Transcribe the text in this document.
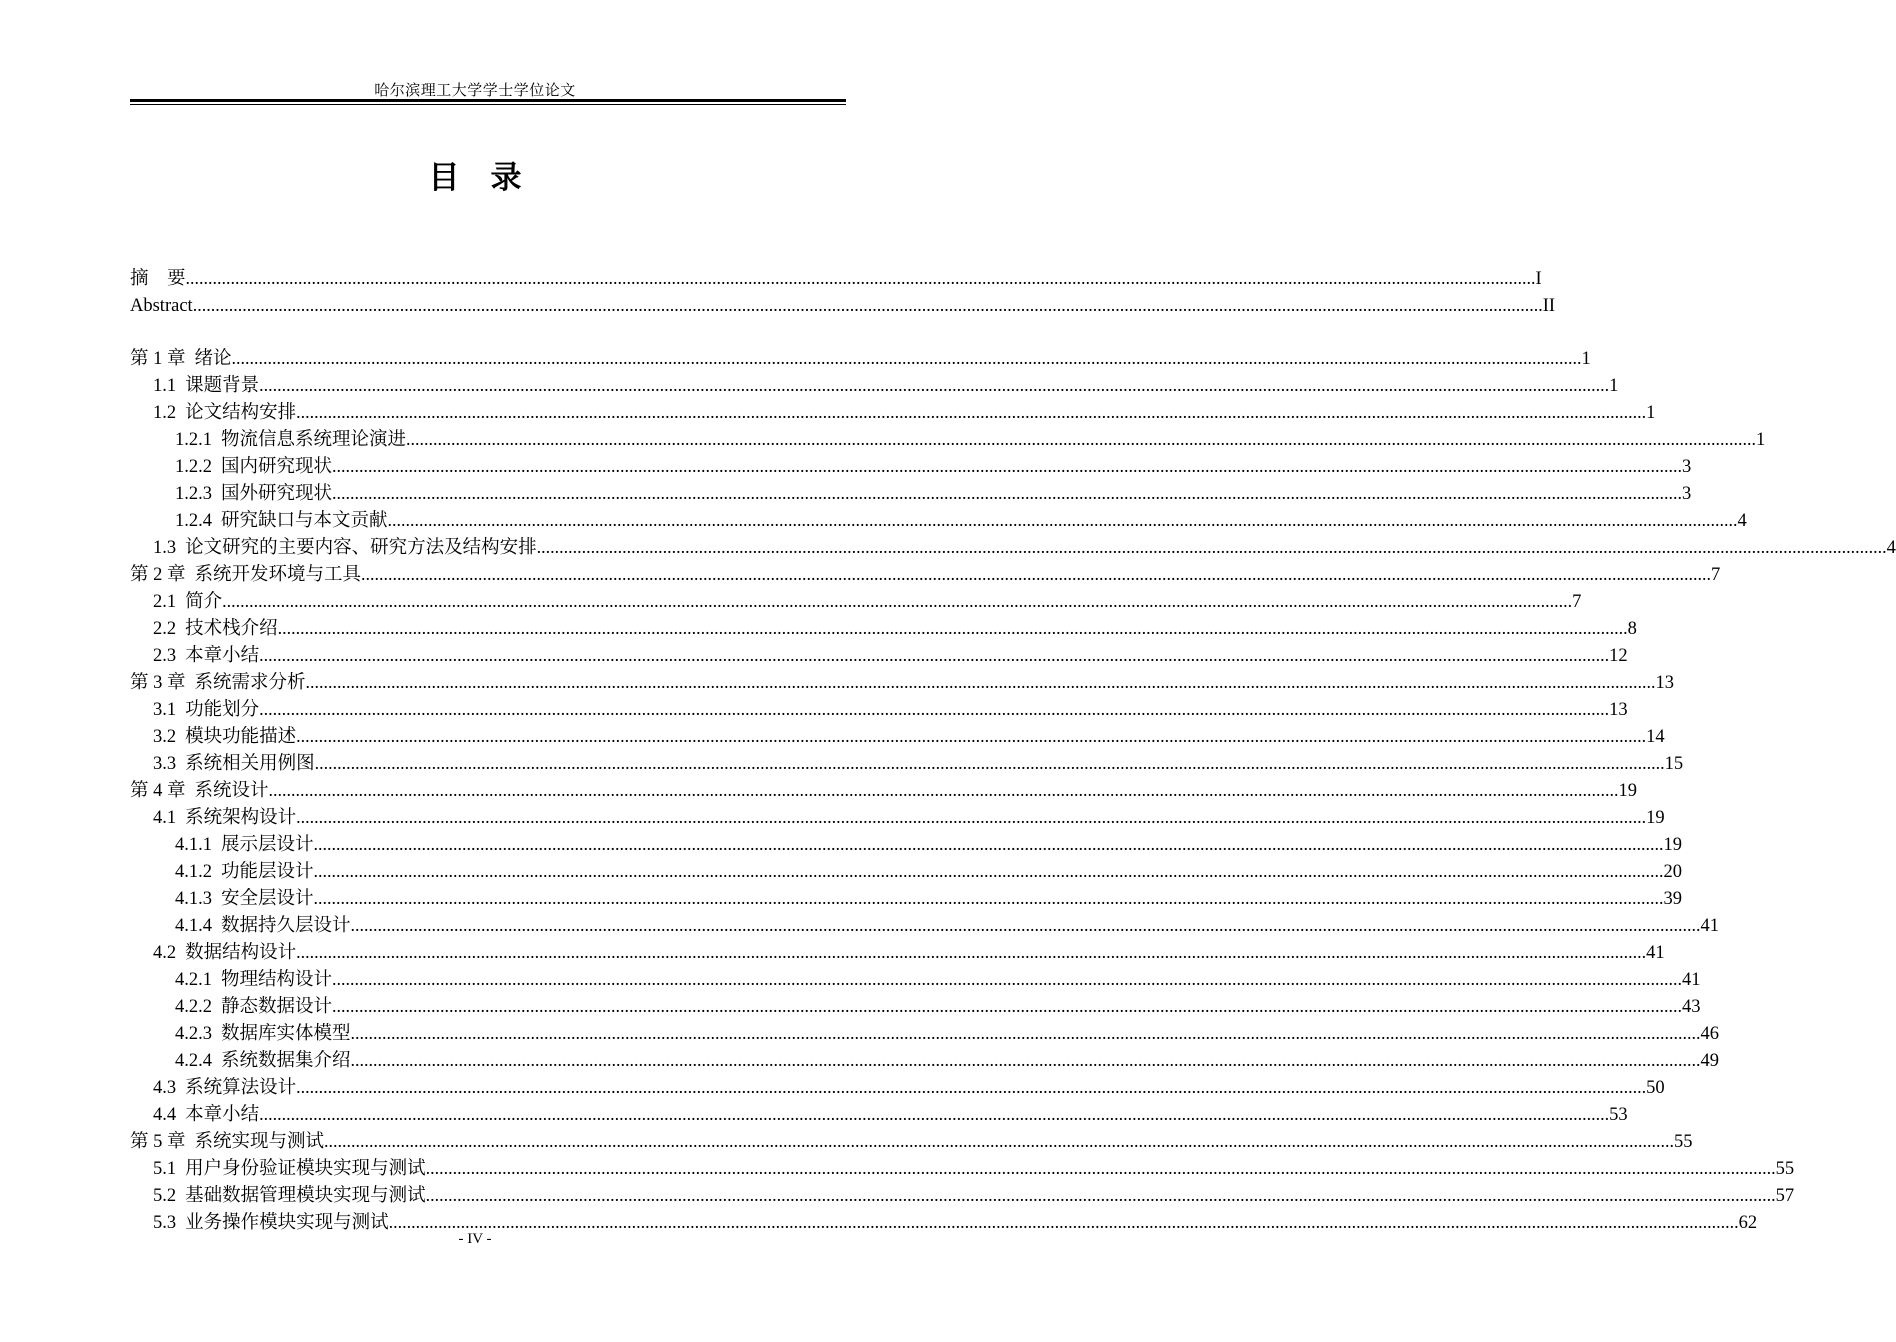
哈尔滨理工大学学士学位论文
目　录
摘　要 ............................................................................................................................................................................................................................................................................................................ I
Abstract ............................................................................................................................................................................................................................................................................................................ II
第 1 章 绪论 ............................................................................................................................................................................................................................................................................................................ 1
1.1 课题背景 ............................................................................................................................................................................................................................................................................................................ 1
1.2 论文结构安排 ............................................................................................................................................................................................................................................................................................................ 1
1.2.1 物流信息系统理论演进 ............................................................................................................................................................................................................................................................................................................ 1
1.2.2 国内研究现状 ............................................................................................................................................................................................................................................................................................................ 3
1.2.3 国外研究现状 ............................................................................................................................................................................................................................................................................................................ 3
1.2.4 研究缺口与本文贡献 ............................................................................................................................................................................................................................................................................................................ 4
1.3 论文研究的主要内容、研究方法及结构安排 ............................................................................................................................................................................................................................................................................................................ 4
第 2 章 系统开发环境与工具 ............................................................................................................................................................................................................................................................................................................ 7
2.1 简介 ............................................................................................................................................................................................................................................................................................................ 7
2.2 技术栈介绍 ............................................................................................................................................................................................................................................................................................................ 8
2.3 本章小结 ............................................................................................................................................................................................................................................................................................................ 12
第 3 章 系统需求分析 ............................................................................................................................................................................................................................................................................................................ 13
3.1 功能划分 ............................................................................................................................................................................................................................................................................................................ 13
3.2 模块功能描述 ............................................................................................................................................................................................................................................................................................................ 14
3.3 系统相关用例图 ............................................................................................................................................................................................................................................................................................................ 15
第 4 章 系统设计 ............................................................................................................................................................................................................................................................................................................ 19
4.1 系统架构设计 ............................................................................................................................................................................................................................................................................................................ 19
4.1.1 展示层设计 ............................................................................................................................................................................................................................................................................................................ 19
4.1.2 功能层设计 ............................................................................................................................................................................................................................................................................................................ 20
4.1.3 安全层设计 ............................................................................................................................................................................................................................................................................................................ 39
4.1.4 数据持久层设计 ............................................................................................................................................................................................................................................................................................................ 41
4.2 数据结构设计 ............................................................................................................................................................................................................................................................................................................ 41
4.2.1 物理结构设计 ............................................................................................................................................................................................................................................................................................................ 41
4.2.2 静态数据设计 ............................................................................................................................................................................................................................................................................................................ 43
4.2.3 数据库实体模型 ............................................................................................................................................................................................................................................................................................................ 46
4.2.4 系统数据集介绍 ............................................................................................................................................................................................................................................................................................................ 49
4.3 系统算法设计 ............................................................................................................................................................................................................................................................................................................ 50
4.4 本章小结 ............................................................................................................................................................................................................................................................................................................ 53
第 5 章 系统实现与测试 ............................................................................................................................................................................................................................................................................................................ 55
5.1 用户身份验证模块实现与测试 ............................................................................................................................................................................................................................................................................................................ 55
5.2 基础数据管理模块实现与测试 ............................................................................................................................................................................................................................................................................................................ 57
5.3 业务操作模块实现与测试 ............................................................................................................................................................................................................................................................................................................ 62
- IV -
